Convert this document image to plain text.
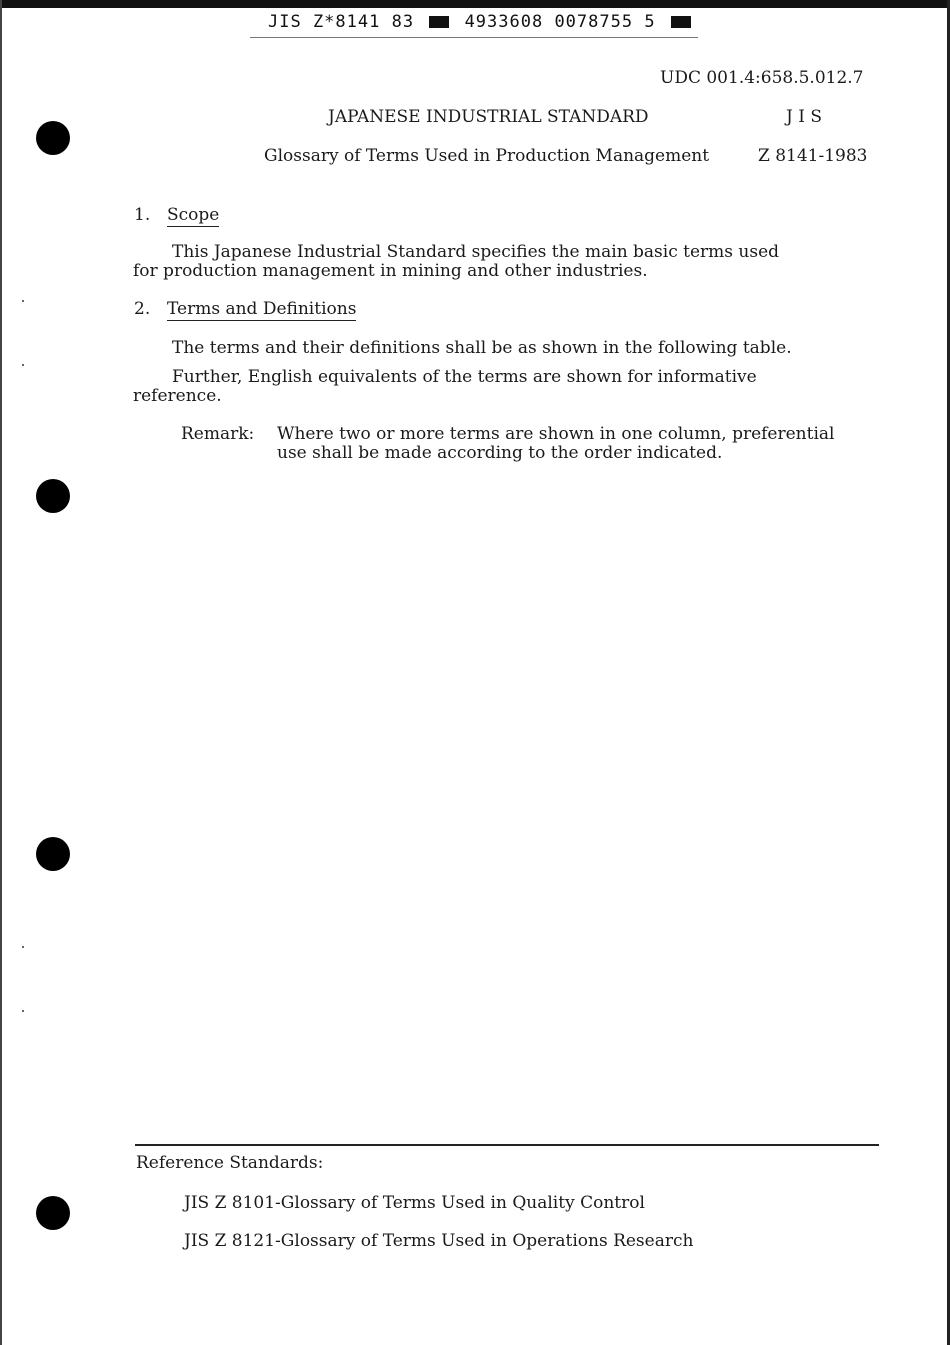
JIS Z*8141 83	4933608 0078755 5
UDC 001.4:658.5.012.7
JAPANESE INDUSTRIAL STANDARD	J I S
Glossary of Terms Used in Production Management	Z 8141-1983
1. Scope
This Japanese Industrial Standard specifies the main basic terms used
for production management in mining and other industries.
2. Terms and Definitions
The terms and their definitions shall be as shown in the following table.
Further, English equivalents of the terms are shown for informative
reference.
Remark: Where two or more terms are shown in one column, preferential
use shall be made according to the order indicated.
Reference Standards:
JIS Z 8101-Glossary of Terms Used in Quality Control
JIS Z 8121-Glossary of Terms Used in Operations Research
